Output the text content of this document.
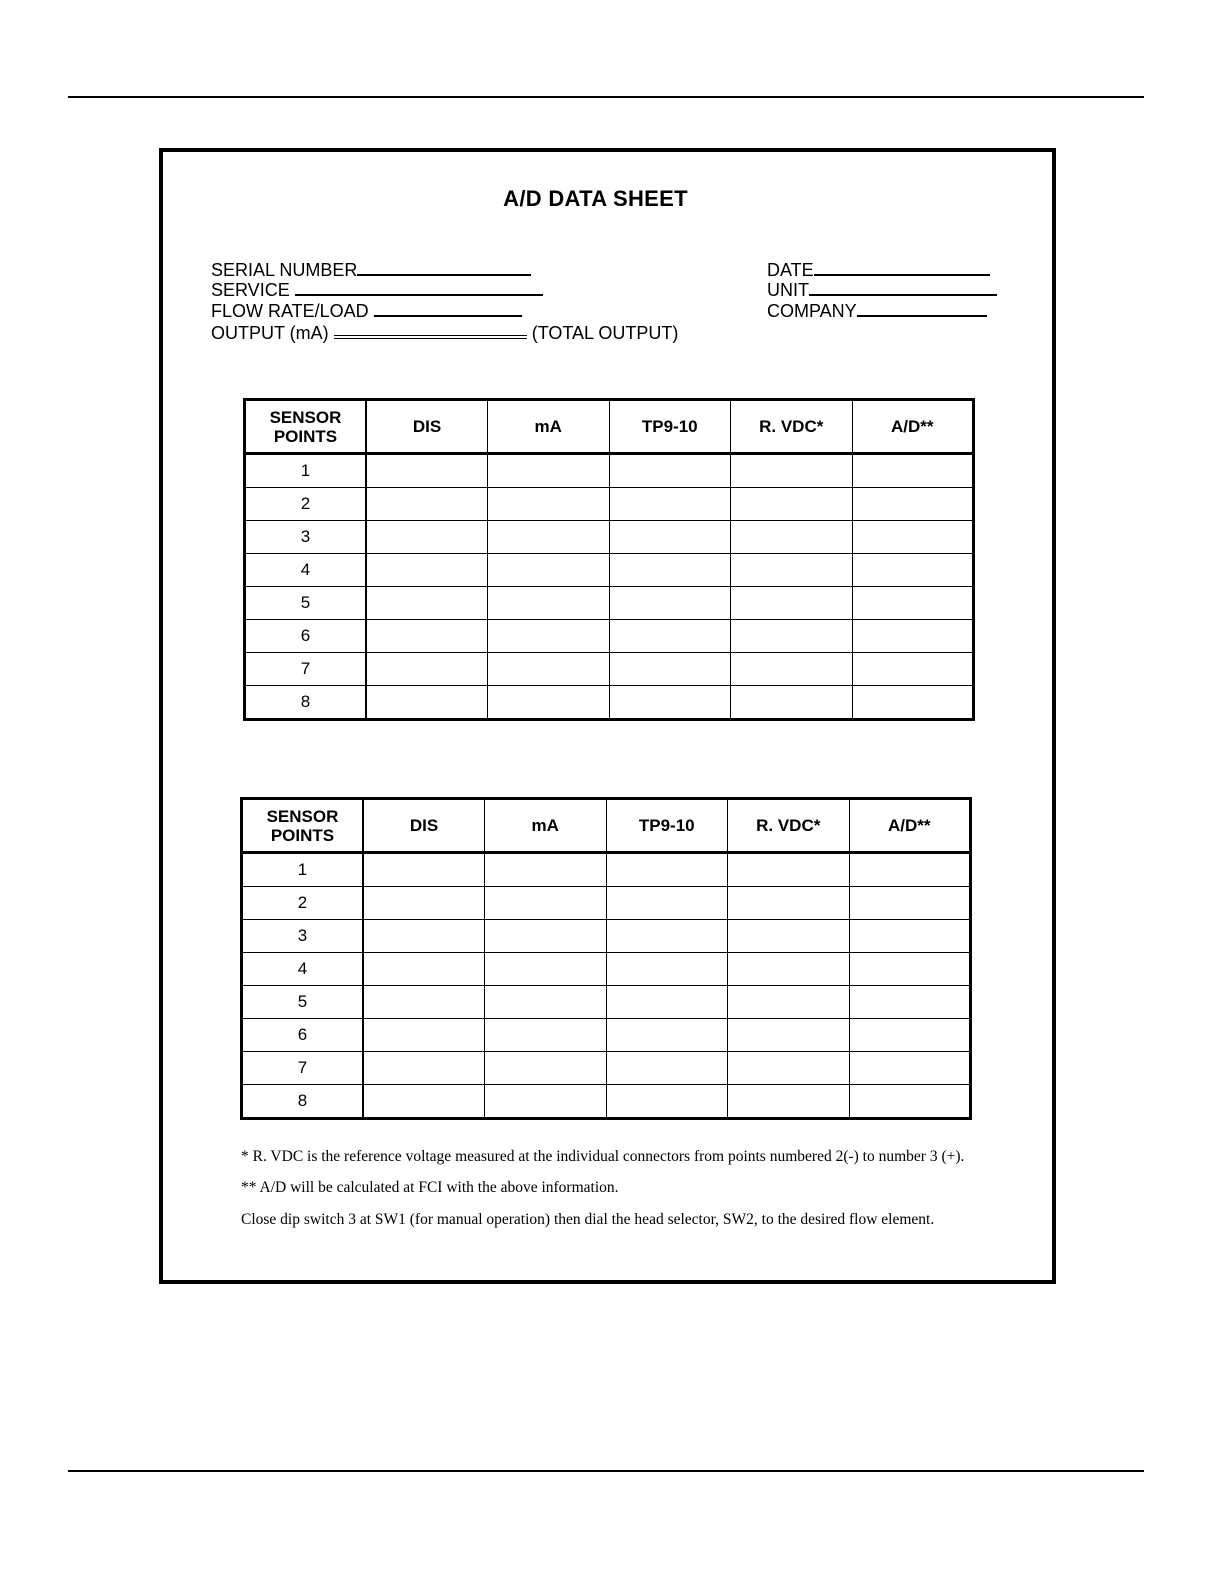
A/D DATA SHEET
SERIAL NUMBER
SERVICE
FLOW RATE/LOAD
OUTPUT (mA)	(TOTAL OUTPUT)
DATE
UNIT
COMPANY
SENSOR
POINTS	DIS	mA	TP9-10	R. VDC*	A/D**
1					
2					
3					
4					
5					
6					
7					
8					
SENSOR
POINTS	DIS	mA	TP9-10	R. VDC*	A/D**
1					
2					
3					
4					
5					
6					
7					
8					
* R. VDC is the reference voltage measured at the individual connectors from points numbered 2(-) to number 3 (+).
** A/D will be calculated at FCI with the above information.
Close dip switch 3 at SW1 (for manual operation) then dial the head selector, SW2, to the desired flow element.
